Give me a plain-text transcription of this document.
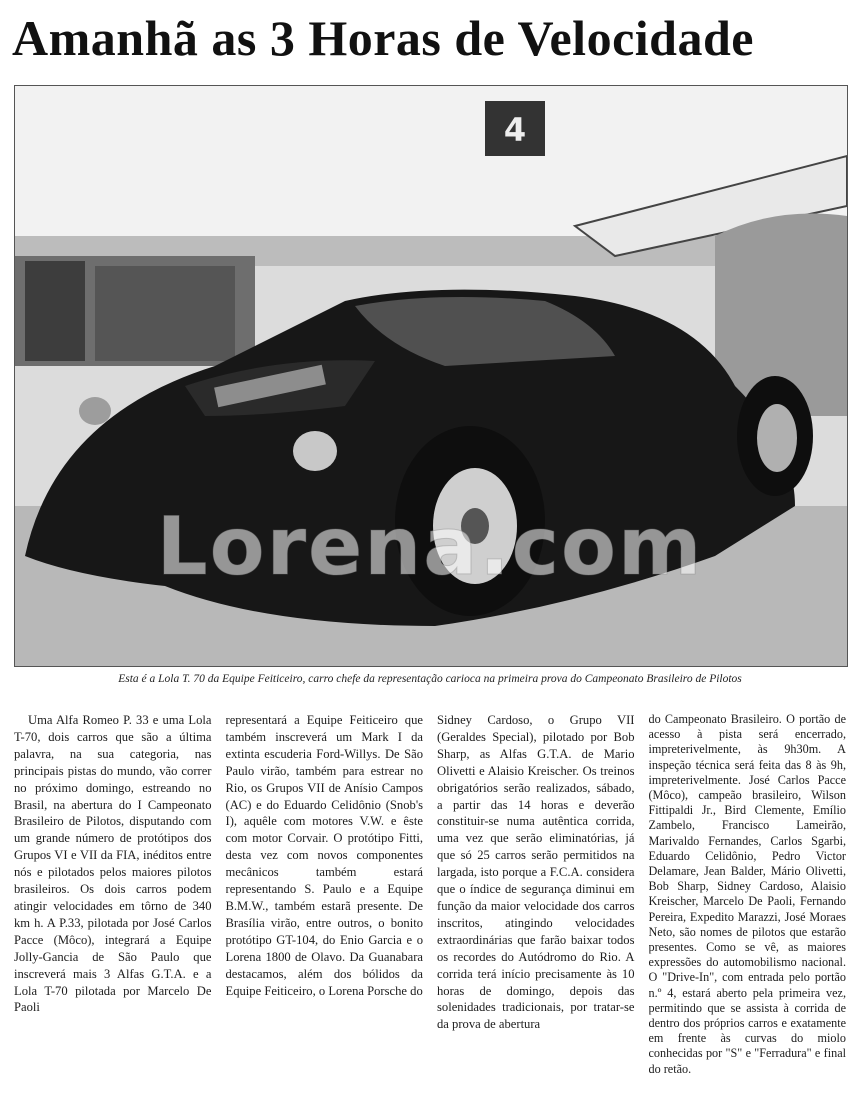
Amanhã as 3 Horas de Velocidade
4
Lorena.com
Esta é a Lola T. 70 da Equipe Feiticeiro, carro chefe da representação carioca na primeira prova do Campeonato Brasileiro de Pilotos

Uma Alfa Romeo P. 33 e uma Lola T-70, dois carros que são a última palavra, na sua categoria, nas principais pistas do mundo, vão correr no próximo domingo, estreando no Brasil, na abertura do I Campeonato Brasileiro de Pilotos, disputando com um grande número de protótipos dos Grupos VI e VII da FIA, inéditos entre nós e pilotados pelos maiores pilotos brasileiros. Os dois carros podem atingir velocidades em tôrno de 340 km h. A P.33, pilotada por José Carlos Pacce (Môco), integrará a Equipe Jolly-Gancia de São Paulo que inscreverá mais 3 Alfas G.T.A. e a Lola T-70 pilotada por Marcelo De Paoli

representará a Equipe Feiticeiro que também inscreverá um Mark I da extinta escuderia Ford-Willys. De São Paulo virão, também para estrear no Rio, os Grupos VII de Anísio Campos (AC) e do Eduardo Celidônio (Snob's I), aquêle com motores V.W. e êste com motor Corvair. O protótipo Fitti, desta vez com novos componentes mecânicos também estará representando S. Paulo e a Equipe B.M.W., também estarã presente. De Brasília virão, entre outros, o bonito protótipo GT-104, do Enio Garcia e o Lorena 1800 de Olavo. Da Guanabara destacamos, além dos bólidos da Equipe Feiticeiro, o Lorena Porsche do

Sidney Cardoso, o Grupo VII (Geraldes Special), pilotado por Bob Sharp, as Alfas G.T.A. de Mario Olivetti e Alaisio Kreischer. Os treinos obrigatórios serão realizados, sábado, a partir das 14 horas e deverão constituir-se numa autêntica corrida, uma vez que serão eliminatórias, já que só 25 carros serão permitidos na largada, isto porque a F.C.A. considera que o índice de segurança diminui em função da maior velocidade dos carros inscritos, atingindo velocidades extraordinárias que farão baixar todos os recordes do Autódromo do Rio. A corrida terá início precisamente às 10 horas de domingo, depois das solenidades tradicionais, por tratar-se da prova de abertura

do Campeonato Brasileiro. O portão de acesso à pista será encerrado, impreterivelmente, às 9h30m. A inspeção técnica será feita das 8 às 9h, impreterivelmente. José Carlos Pacce (Môco), campeão brasileiro, Wilson Fittipaldi Jr., Bird Clemente, Emílio Zambelo, Francisco Lameirão, Marivaldo Fernandes, Carlos Sgarbi, Eduardo Celidônio, Pedro Victor Delamare, Jean Balder, Mário Olivetti, Bob Sharp, Sidney Cardoso, Alaisio Kreischer, Marcelo De Paoli, Fernando Pereira, Expedito Marazzi, José Moraes Neto, são nomes de pilotos que estarão presentes. Como se vê, as maiores expressões do automobilismo nacional. O "Drive-In", com entrada pelo portão n.º 4, estará aberto pela primeira vez, permitindo que se assista à corrida de dentro dos próprios carros e exatamente em frente às curvas do miolo conhecidas por "S" e "Ferradura" e final do retão.
